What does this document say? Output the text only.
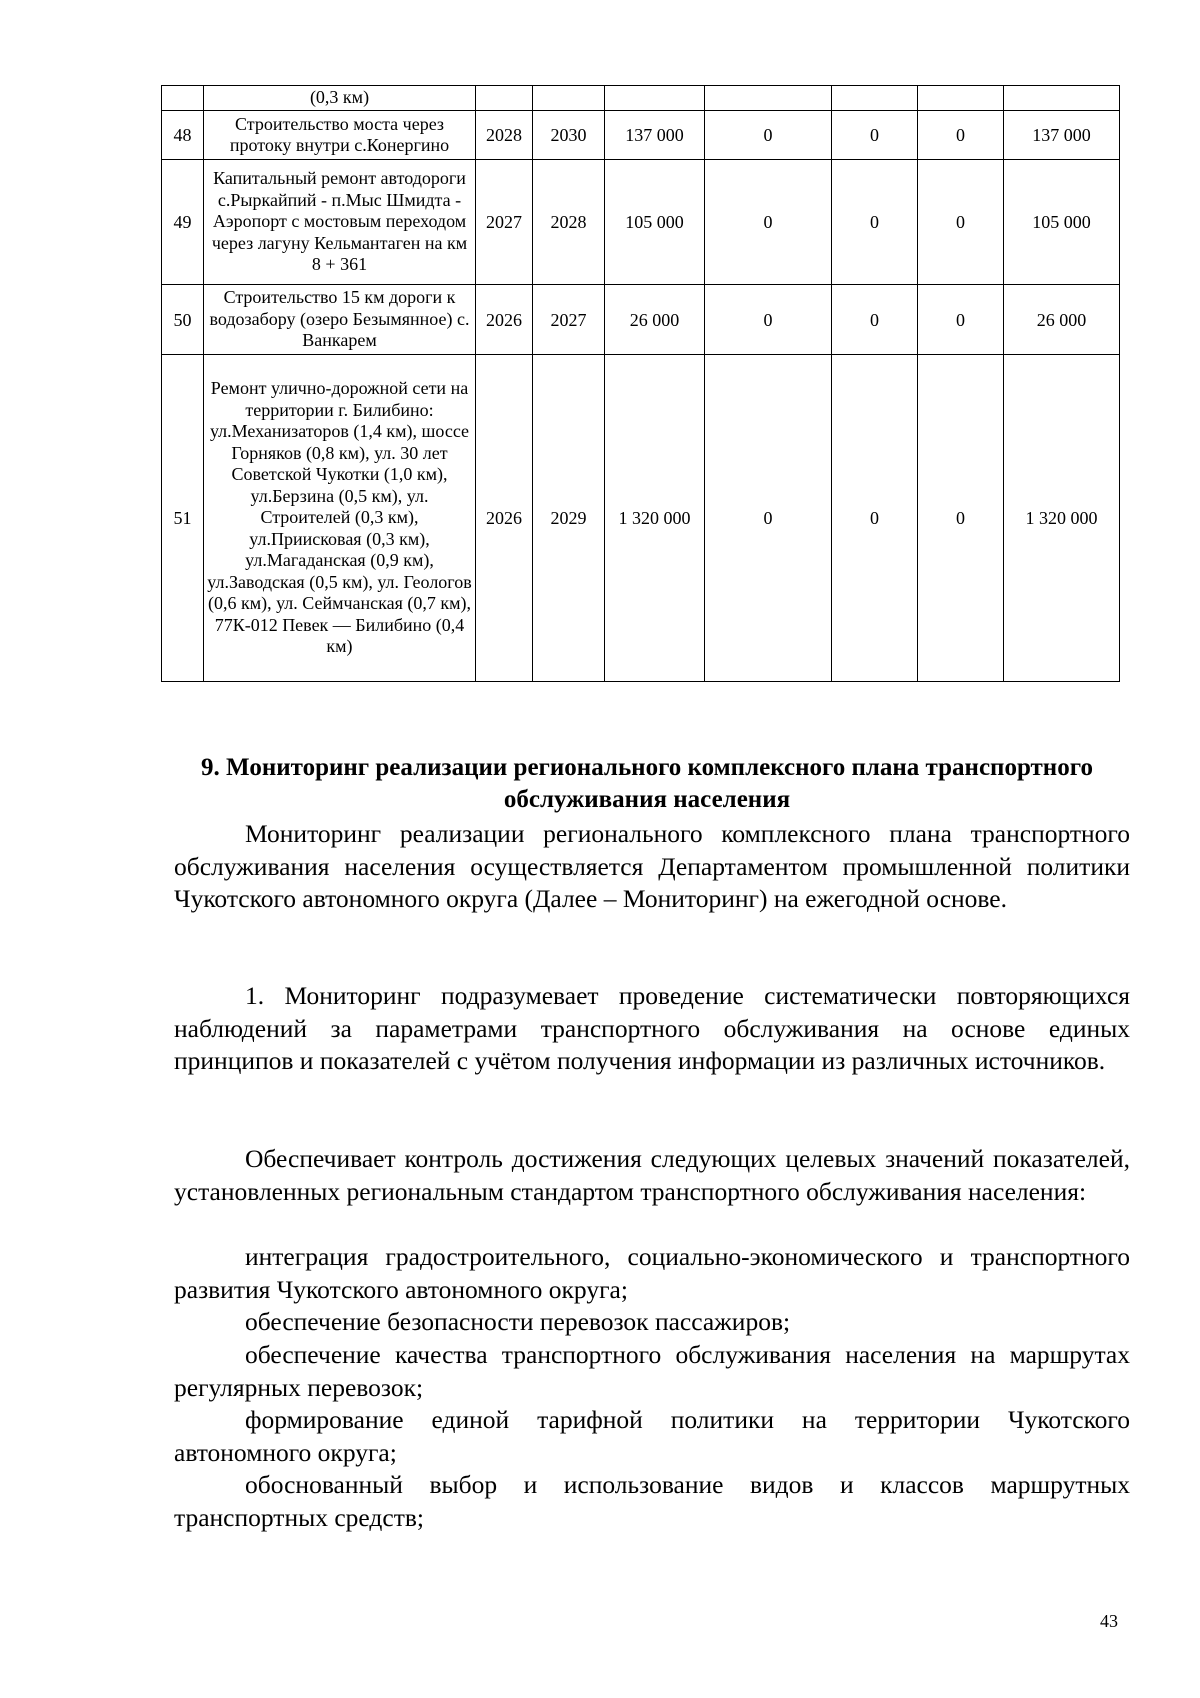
	(0,3 км)							
48	Строительство моста через протоку внутри с.Конергино	2028	2030	137 000	0	0	0	137 000
49	Капитальный ремонт автодороги с.Рыркайпий - п.Мыс Шмидта - Аэропорт с мостовым переходом через лагуну Кельмантаген на км 8 + 361	2027	2028	105 000	0	0	0	105 000
50	Строительство 15 км дороги к водозабору (озеро Безымянное) с. Ванкарем	2026	2027	26 000	0	0	0	26 000
51	Ремонт улично-дорожной сети на территории г. Билибино: ул.Механизаторов (1,4 км), шоссе Горняков (0,8 км), ул. 30 лет Советской Чукотки (1,0 км), ул.Берзина (0,5 км), ул. Строителей (0,3 км), ул.Приисковая (0,3 км), ул.Магаданская (0,9 км), ул.Заводская (0,5 км), ул. Геологов (0,6 км), ул. Сеймчанская (0,7 км), 77К-012 Певек — Билибино (0,4 км)	2026	2029	1 320 000	0	0	0	1 320 000
9. Мониторинг реализации регионального комплексного плана транспортного обслуживания населения

Мониторинг реализации регионального комплексного плана транспортного обслуживания населения осуществляется Департаментом промышленной политики Чукотского автономного округа (Далее – Мониторинг) на ежегодной основе.

1. Мониторинг подразумевает проведение систематически повторяющихся наблюдений за параметрами транспортного обслуживания на основе единых принципов и показателей с учётом получения информации из различных источников.

Обеспечивает контроль достижения следующих целевых значений показателей, установленных региональным стандартом транспортного обслуживания населения:

интеграция градостроительного, социально-экономического и транспортного развития Чукотского автономного округа;

обеспечение безопасности перевозок пассажиров;

обеспечение качества транспортного обслуживания населения на маршрутах регулярных перевозок;

формирование единой тарифной политики на территории Чукотского автономного округа;

обоснованный выбор и использование видов и классов маршрутных транспортных средств;

43
